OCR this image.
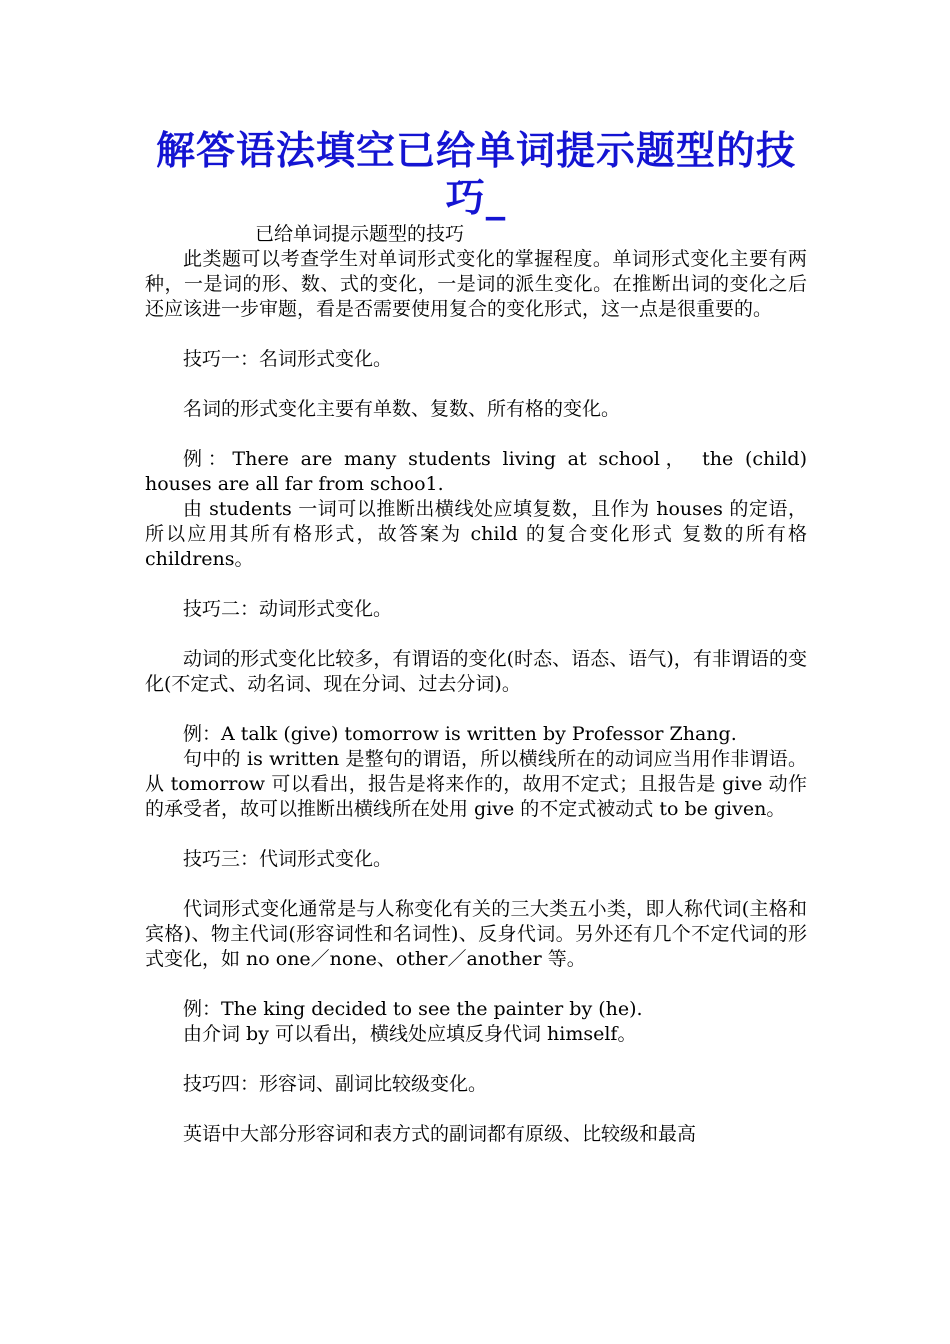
解答语法填空已给单词提示题型的技巧_

已给单词提示题型的技巧

此类题可以考查学生对单词形式变化的掌握程度。单词形式变化主要有两种，一是词的形、数、式的变化，一是词的派生变化。在推断出词的变化之后还应该进一步审题，看是否需要使用复合的变化形式，这一点是很重要的。

技巧一：名词形式变化。

名词的形式变化主要有单数、复数、所有格的变化。

例：There are many students living at school， the (child) houses are all far from schoo1.

由 students 一词可以推断出横线处应填复数，且作为 houses 的定语，所以应用其所有格形式，故答案为 child 的复合变化形式 复数的所有格 childrens。

技巧二：动词形式变化。

动词的形式变化比较多，有谓语的变化(时态、语态、语气)，有非谓语的变化(不定式、动名词、现在分词、过去分词)。

例：A talk (give) tomorrow is written by Professor Zhang.

句中的 is written 是整句的谓语，所以横线所在的动词应当用作非谓语。从 tomorrow 可以看出，报告是将来作的，故用不定式；且报告是 give 动作的承受者，故可以推断出横线所在处用 give 的不定式被动式 to be given。

技巧三：代词形式变化。

代词形式变化通常是与人称变化有关的三大类五小类，即人称代词(主格和宾格)、物主代词(形容词性和名词性)、反身代词。另外还有几个不定代词的形式变化，如 no one／none、other／another 等。

例：The king decided to see the painter by (he).

由介词 by 可以看出，横线处应填反身代词 himself。

技巧四：形容词、副词比较级变化。

英语中大部分形容词和表方式的副词都有原级、比较级和最高
